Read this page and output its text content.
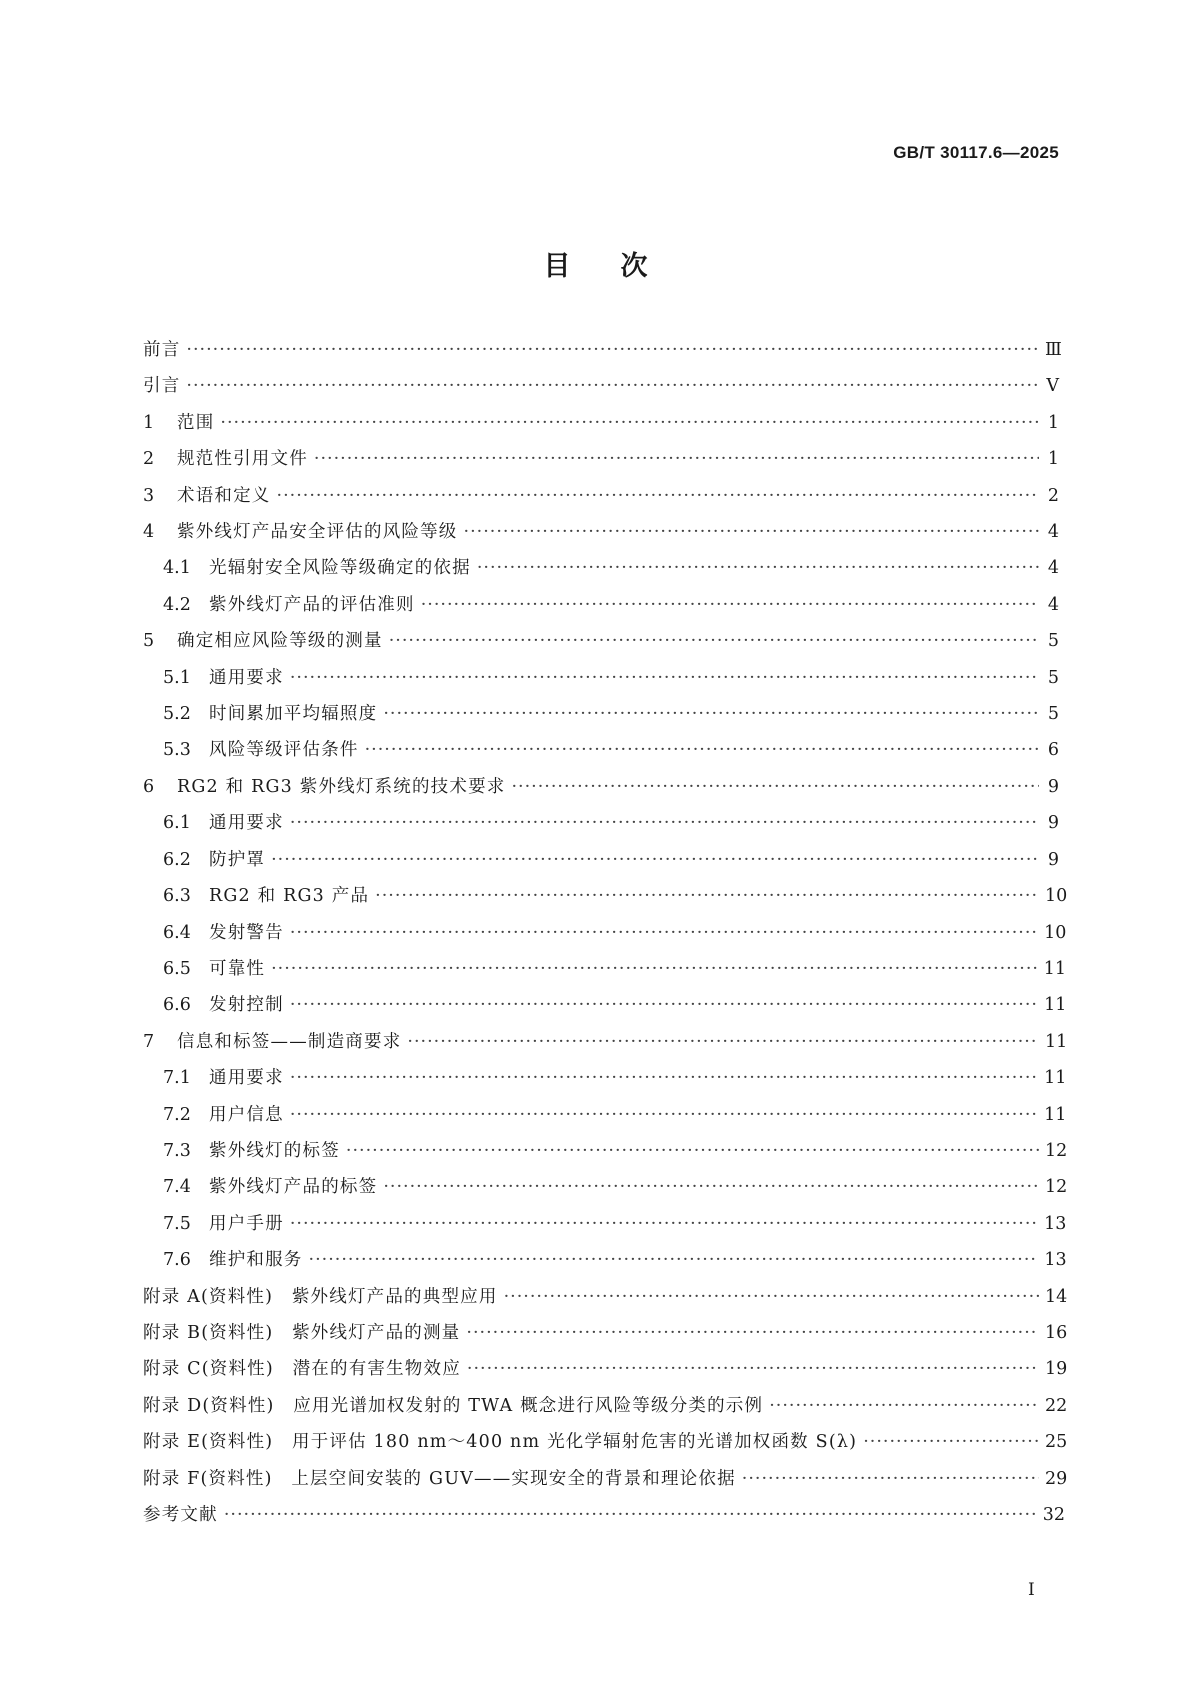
GB/T 30117.6—2025
目次
前言 ·····	Ⅲ
引言 ·····	Ⅴ
1	范围 ·····	1
2	规范性引用文件 ·····	1
3	术语和定义 ·····	2
4	紫外线灯产品安全评估的风险等级 ·····	4
4.1	光辐射安全风险等级确定的依据 ·····	4
4.2	紫外线灯产品的评估准则 ·····	4
5	确定相应风险等级的测量 ·····	5
5.1	通用要求 ·····	5
5.2	时间累加平均辐照度 ·····	5
5.3	风险等级评估条件 ·····	6
6	RG2 和 RG3 紫外线灯系统的技术要求 ·····	9
6.1	通用要求 ·····	9
6.2	防护罩 ·····	9
6.3	RG2 和 RG3 产品 ·····	10
6.4	发射警告 ·····	10
6.5	可靠性 ·····	11
6.6	发射控制 ·····	11
7	信息和标签——制造商要求 ·····	11
7.1	通用要求 ·····	11
7.2	用户信息 ·····	11
7.3	紫外线灯的标签 ·····	12
7.4	紫外线灯产品的标签 ·····	12
7.5	用户手册 ·····	13
7.6	维护和服务 ·····	13
附录 A(资料性)　紫外线灯产品的典型应用 ·····	14
附录 B(资料性)　紫外线灯产品的测量 ·····	16
附录 C(资料性)　潜在的有害生物效应 ·····	19
附录 D(资料性)　应用光谱加权发射的 TWA 概念进行风险等级分类的示例 ·····	22
附录 E(资料性)　用于评估 180 nm～400 nm 光化学辐射危害的光谱加权函数 S(λ) ·····	25
附录 F(资料性)　上层空间安装的 GUV——实现安全的背景和理论依据 ·····	29
参考文献 ·····	32
Ⅰ
